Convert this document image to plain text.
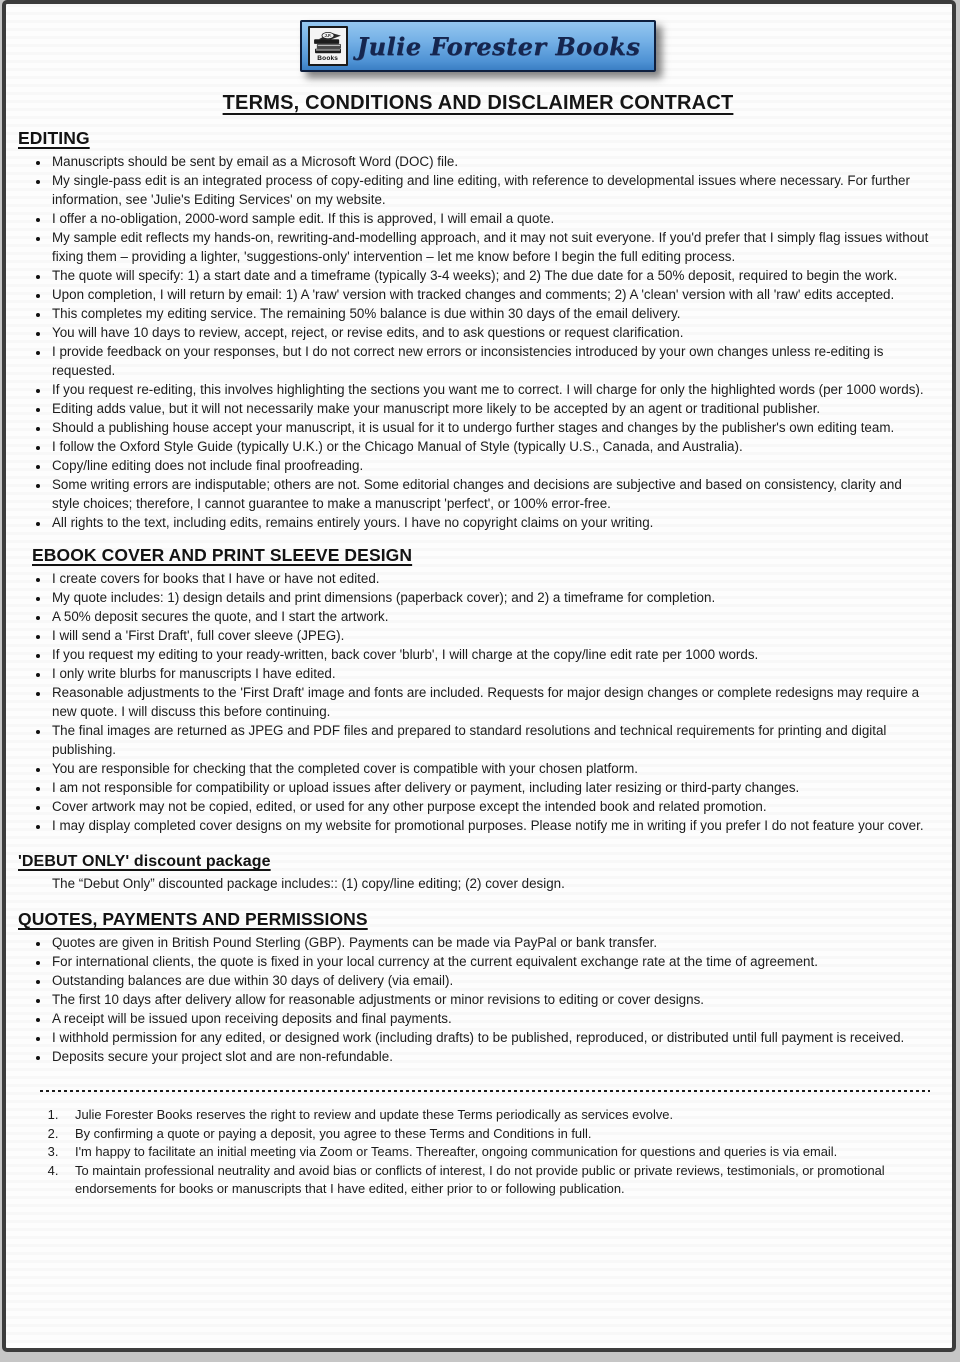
J.F.
Books Julie Forester Books
TERMS, CONDITIONS AND DISCLAIMER CONTRACT
EDITING
• Manuscripts should be sent by email as a Microsoft Word (DOC) file.
• My single-pass edit is an integrated process of copy-editing and line editing, with reference to developmental issues where necessary. For further information, see 'Julie's Editing Services' on my website.
• I offer a no-obligation, 2000-word sample edit. If this is approved, I will email a quote.
• My sample edit reflects my hands-on, rewriting-and-modelling approach, and it may not suit everyone. If you'd prefer that I simply flag issues without fixing them – providing a lighter, 'suggestions-only' intervention – let me know before I begin the full editing process.
• The quote will specify: 1) a start date and a timeframe (typically 3-4 weeks); and 2) The due date for a 50% deposit, required to begin the work.
• Upon completion, I will return by email: 1) A 'raw' version with tracked changes and comments; 2) A 'clean' version with all 'raw' edits accepted.
• This completes my editing service. The remaining 50% balance is due within 30 days of the email delivery.
• You will have 10 days to review, accept, reject, or revise edits, and to ask questions or request clarification.
• I provide feedback on your responses, but I do not correct new errors or inconsistencies introduced by your own changes unless re-editing is requested.
• If you request re-editing, this involves highlighting the sections you want me to correct. I will charge for only the highlighted words (per 1000 words).
• Editing adds value, but it will not necessarily make your manuscript more likely to be accepted by an agent or traditional publisher.
• Should a publishing house accept your manuscript, it is usual for it to undergo further stages and changes by the publisher's own editing team.
• I follow the Oxford Style Guide (typically U.K.) or the Chicago Manual of Style (typically U.S., Canada, and Australia).
• Copy/line editing does not include final proofreading.
• Some writing errors are indisputable; others are not. Some editorial changes and decisions are subjective and based on consistency, clarity and style choices; therefore, I cannot guarantee to make a manuscript 'perfect', or 100% error-free.
• All rights to the text, including edits, remains entirely yours. I have no copyright claims on your writing.
EBOOK COVER AND PRINT SLEEVE DESIGN
• I create covers for books that I have or have not edited.
• My quote includes: 1) design details and print dimensions (paperback cover); and 2) a timeframe for completion.
• A 50% deposit secures the quote, and I start the artwork.
• I will send a 'First Draft', full cover sleeve (JPEG).
• If you request my editing to your ready-written, back cover 'blurb', I will charge at the copy/line edit rate per 1000 words.
• I only write blurbs for manuscripts I have edited.
• Reasonable adjustments to the 'First Draft' image and fonts are included. Requests for major design changes or complete redesigns may require a new quote. I will discuss this before continuing.
• The final images are returned as JPEG and PDF files and prepared to standard resolutions and technical requirements for printing and digital publishing.
• You are responsible for checking that the completed cover is compatible with your chosen platform.
• I am not responsible for compatibility or upload issues after delivery or payment, including later resizing or third-party changes.
• Cover artwork may not be copied, edited, or used for any other purpose except the intended book and related promotion.
• I may display completed cover designs on my website for promotional purposes. Please notify me in writing if you prefer I do not feature your cover.
'DEBUT ONLY' discount package

The “Debut Only” discounted package includes:: (1) copy/line editing; (2) cover design.

QUOTES, PAYMENTS AND PERMISSIONS
• Quotes are given in British Pound Sterling (GBP). Payments can be made via PayPal or bank transfer.
• For international clients, the quote is fixed in your local currency at the current equivalent exchange rate at the time of agreement.
• Outstanding balances are due within 30 days of delivery (via email).
• The first 10 days after delivery allow for reasonable adjustments or minor revisions to editing or cover designs.
• A receipt will be issued upon receiving deposits and final payments.
• I withhold permission for any edited, or designed work (including drafts) to be published, reproduced, or distributed until full payment is received.
• Deposits secure your project slot and are non-refundable.
1. Julie Forester Books reserves the right to review and update these Terms periodically as services evolve.
2. By confirming a quote or paying a deposit, you agree to these Terms and Conditions in full.
3. I'm happy to facilitate an initial meeting via Zoom or Teams. Thereafter, ongoing communication for questions and queries is via email.
4. To maintain professional neutrality and avoid bias or conflicts of interest, I do not provide public or private reviews, testimonials, or promotional endorsements for books or manuscripts that I have edited, either prior to or following publication.
